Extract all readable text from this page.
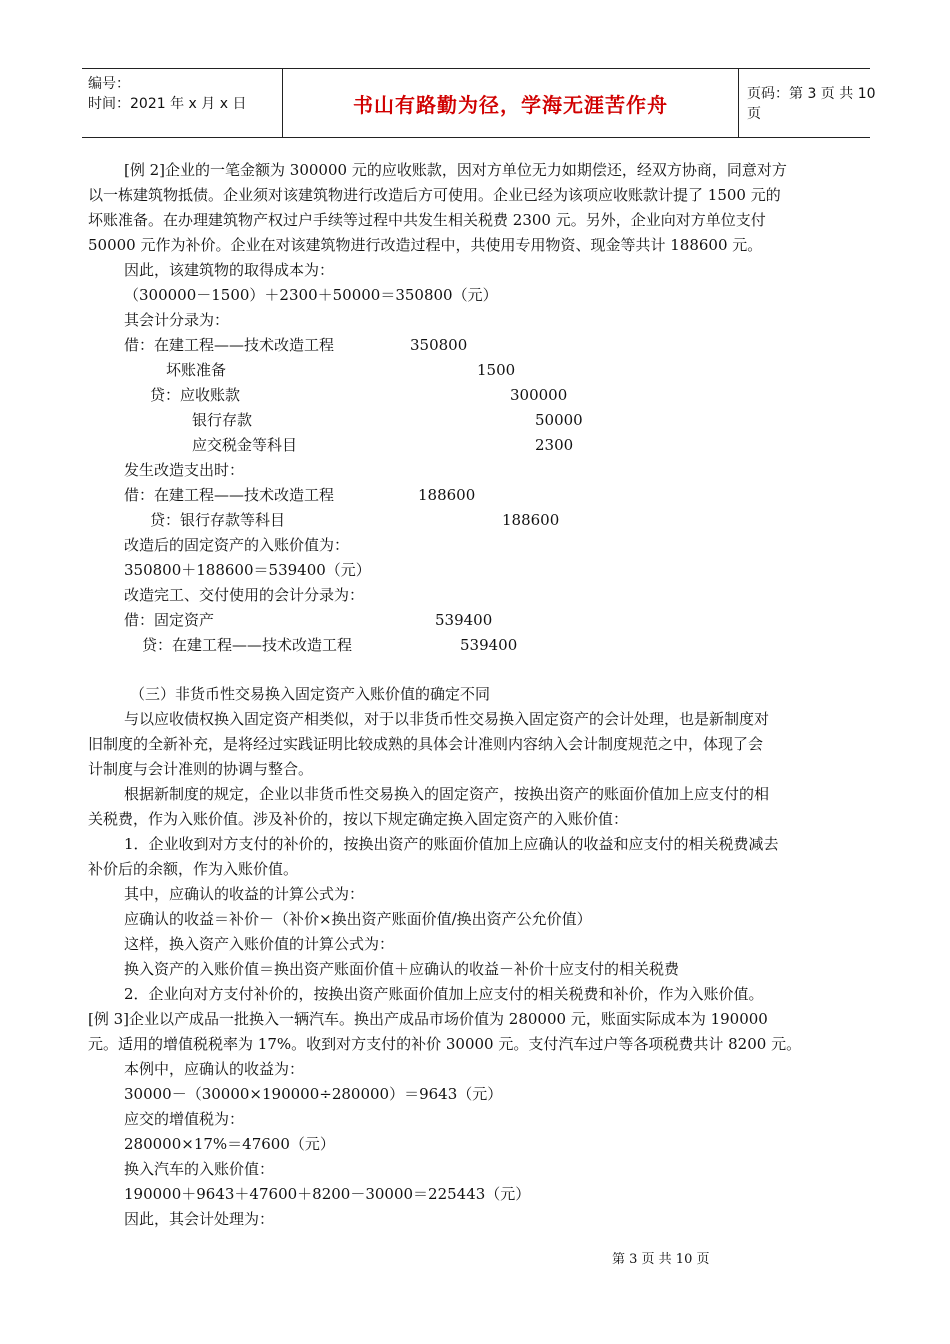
编号：
时间：2021 年 x 月 x 日	书山有路勤为径，学海无涯苦作舟	页码：第 3 页 共 10 页
[例 2]企业的一笔金额为 300000 元的应收账款，因对方单位无力如期偿还，经双方协商，同意对方
以一栋建筑物抵债。企业须对该建筑物进行改造后方可使用。企业已经为该项应收账款计提了 1500 元的
坏账准备。在办理建筑物产权过户手续等过程中共发生相关税费 2300 元。另外，企业向对方单位支付
50000 元作为补价。企业在对该建筑物进行改造过程中，共使用专用物资、现金等共计 188600 元。
因此，该建筑物的取得成本为：
（300000－1500）＋2300＋50000＝350800（元）
其会计分录为：
借：在建工程——技术改造工程	350800
坏账准备	1500
贷：应收账款	300000
银行存款	50000
应交税金等科目	2300
发生改造支出时：
借：在建工程——技术改造工程	188600
贷：银行存款等科目	188600
改造后的固定资产的入账价值为：
350800＋188600＝539400（元）
改造完工、交付使用的会计分录为：
借：固定资产	539400
贷：在建工程——技术改造工程	539400
（三）非货币性交易换入固定资产入账价值的确定不同
与以应收债权换入固定资产相类似，对于以非货币性交易换入固定资产的会计处理，也是新制度对
旧制度的全新补充，是将经过实践证明比较成熟的具体会计准则内容纳入会计制度规范之中，体现了会
计制度与会计准则的协调与整合。
根据新制度的规定，企业以非货币性交易换入的固定资产，按换出资产的账面价值加上应支付的相
关税费，作为入账价值。涉及补价的，按以下规定确定换入固定资产的入账价值：
1．企业收到对方支付的补价的，按换出资产的账面价值加上应确认的收益和应支付的相关税费减去
补价后的余额，作为入账价值。
其中，应确认的收益的计算公式为：
应确认的收益＝补价－（补价×换出资产账面价值/换出资产公允价值）
这样，换入资产入账价值的计算公式为：
换入资产的入账价值＝换出资产账面价值＋应确认的收益－补价十应支付的相关税费
2．企业向对方支付补价的，按换出资产账面价值加上应支付的相关税费和补价，作为入账价值。
[例 3]企业以产成品一批换入一辆汽车。换出产成品市场价值为 280000 元，账面实际成本为 190000
元。适用的增值税税率为 17%。收到对方支付的补价 30000 元。支付汽车过户等各项税费共计 8200 元。
本例中，应确认的收益为：
30000－（30000×190000÷280000）＝9643（元）
应交的增值税为：
280000×17%＝47600（元）
换入汽车的入账价值：
190000＋9643＋47600＋8200－30000＝225443（元）
因此，其会计处理为：
第 3 页 共 10 页
